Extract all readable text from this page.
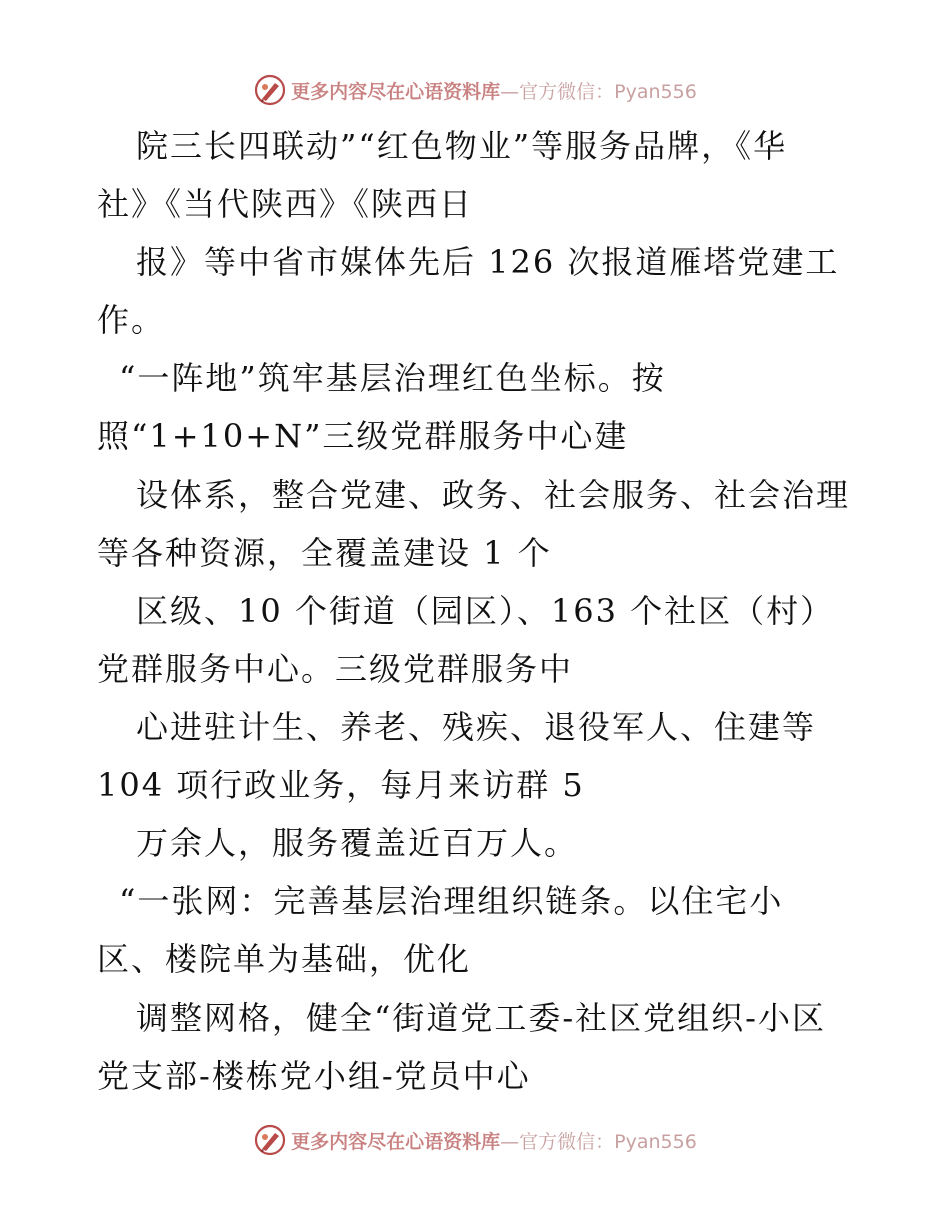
更多内容尽在心语资料库 —官方微信：Pyan556
院三长四联动”“红色物业”等服务品牌，《华
社》《当代陕西》《陕西日
报》等中省市媒体先后 126 次报道雁塔党建工
作。
“一阵地”筑牢基层治理红色坐标。按
照“1+10+N”三级党群服务中心建
设体系，整合党建、政务、社会服务、社会治理
等各种资源，全覆盖建设 1 个
区级、10 个街道（园区）、163 个社区（村）
党群服务中心。三级党群服务中
心进驻计生、养老、残疾、退役军人、住建等
104 项行政业务，每月来访群 5
万余人，服务覆盖近百万人。
“一张网：完善基层治理组织链条。以住宅小
区、楼院单为基础，优化
调整网格，健全“街道党工委-社区党组织-小区
党支部-楼栋党小组-党员中心
更多内容尽在心语资料库 —官方微信：Pyan556
